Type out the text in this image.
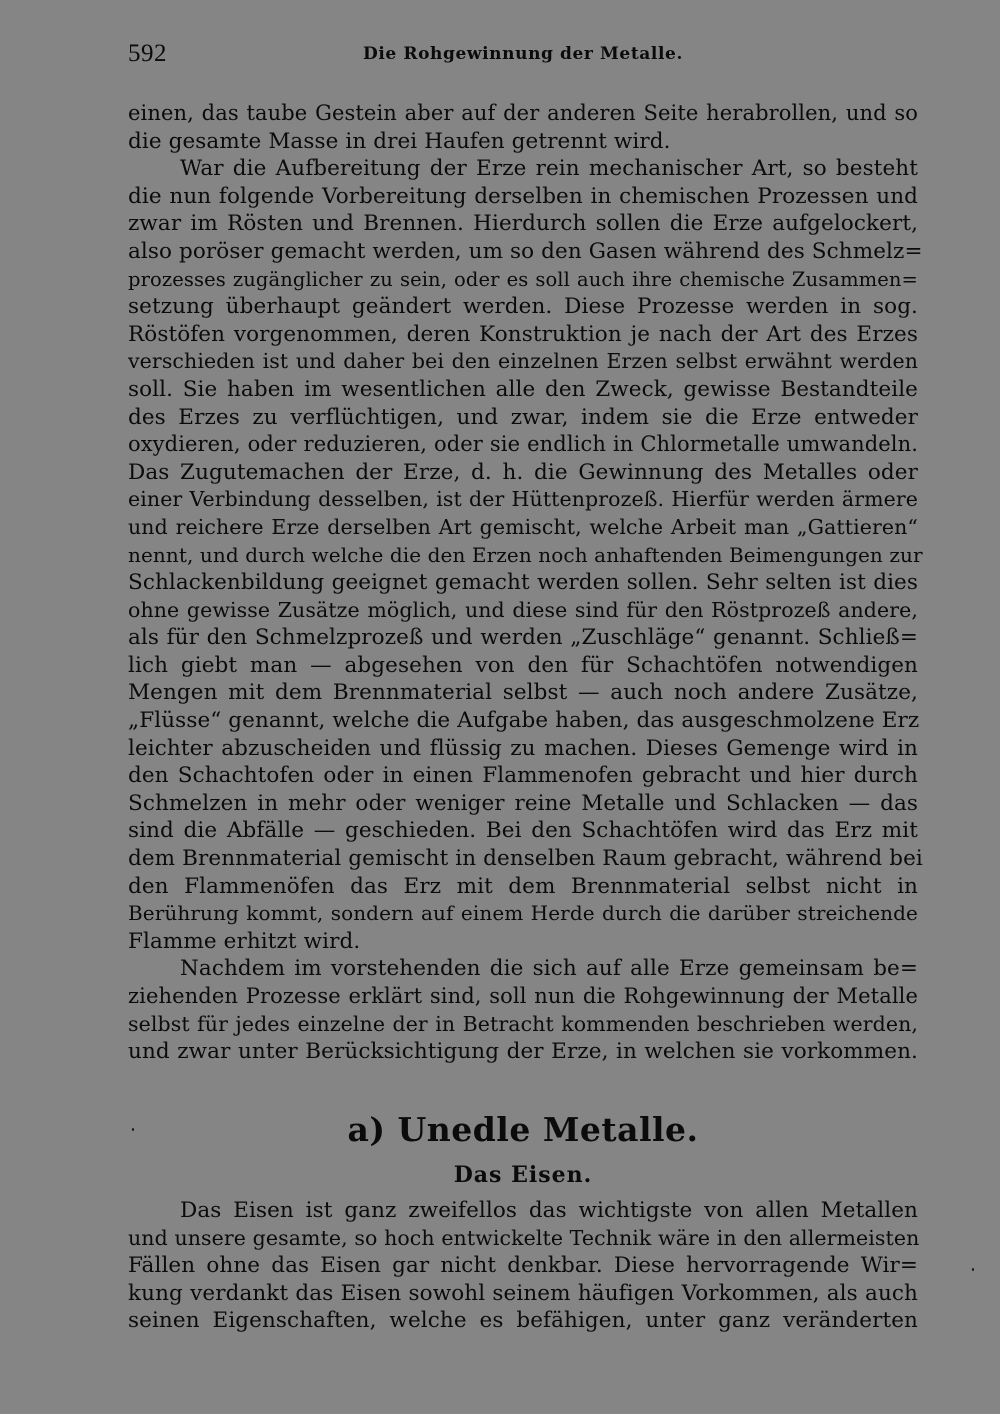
592	Die Rohgewinnung der Metalle.
einen, das taube Gestein aber auf der anderen Seite herabrollen, und so
die gesamte Masse in drei Haufen getrennt wird.
War die Aufbereitung der Erze rein mechanischer Art, so besteht
die nun folgende Vorbereitung derselben in chemischen Prozessen und
zwar im Rösten und Brennen. Hierdurch sollen die Erze aufgelockert,
also poröser gemacht werden, um so den Gasen während des Schmelz=
prozesses zugänglicher zu sein, oder es soll auch ihre chemische Zusammen=
setzung überhaupt geändert werden. Diese Prozesse werden in sog.
Röstöfen vorgenommen, deren Konstruktion je nach der Art des Erzes
verschieden ist und daher bei den einzelnen Erzen selbst erwähnt werden
soll. Sie haben im wesentlichen alle den Zweck, gewisse Bestandteile
des Erzes zu verflüchtigen, und zwar, indem sie die Erze entweder
oxydieren, oder reduzieren, oder sie endlich in Chlormetalle umwandeln.
Das Zugutemachen der Erze, d. h. die Gewinnung des Metalles oder
einer Verbindung desselben, ist der Hüttenprozeß. Hierfür werden ärmere
und reichere Erze derselben Art gemischt, welche Arbeit man „Gattieren“
nennt, und durch welche die den Erzen noch anhaftenden Beimengungen zur
Schlackenbildung geeignet gemacht werden sollen. Sehr selten ist dies
ohne gewisse Zusätze möglich, und diese sind für den Röstprozeß andere,
als für den Schmelzprozeß und werden „Zuschläge“ genannt. Schließ=
lich giebt man — abgesehen von den für Schachtöfen notwendigen
Mengen mit dem Brennmaterial selbst — auch noch andere Zusätze,
„Flüsse“ genannt, welche die Aufgabe haben, das ausgeschmolzene Erz
leichter abzuscheiden und flüssig zu machen. Dieses Gemenge wird in
den Schachtofen oder in einen Flammenofen gebracht und hier durch
Schmelzen in mehr oder weniger reine Metalle und Schlacken — das
sind die Abfälle — geschieden. Bei den Schachtöfen wird das Erz mit
dem Brennmaterial gemischt in denselben Raum gebracht, während bei
den Flammenöfen das Erz mit dem Brennmaterial selbst nicht in
Berührung kommt, sondern auf einem Herde durch die darüber streichende
Flamme erhitzt wird.
Nachdem im vorstehenden die sich auf alle Erze gemeinsam be=
ziehenden Prozesse erklärt sind, soll nun die Rohgewinnung der Metalle
selbst für jedes einzelne der in Betracht kommenden beschrieben werden,
und zwar unter Berücksichtigung der Erze, in welchen sie vorkommen.
a) Unedle Metalle.
Das Eisen.
Das Eisen ist ganz zweifellos das wichtigste von allen Metallen
und unsere gesamte, so hoch entwickelte Technik wäre in den allermeisten
Fällen ohne das Eisen gar nicht denkbar. Diese hervorragende Wir=
kung verdankt das Eisen sowohl seinem häufigen Vorkommen, als auch
seinen Eigenschaften, welche es befähigen, unter ganz veränderten
